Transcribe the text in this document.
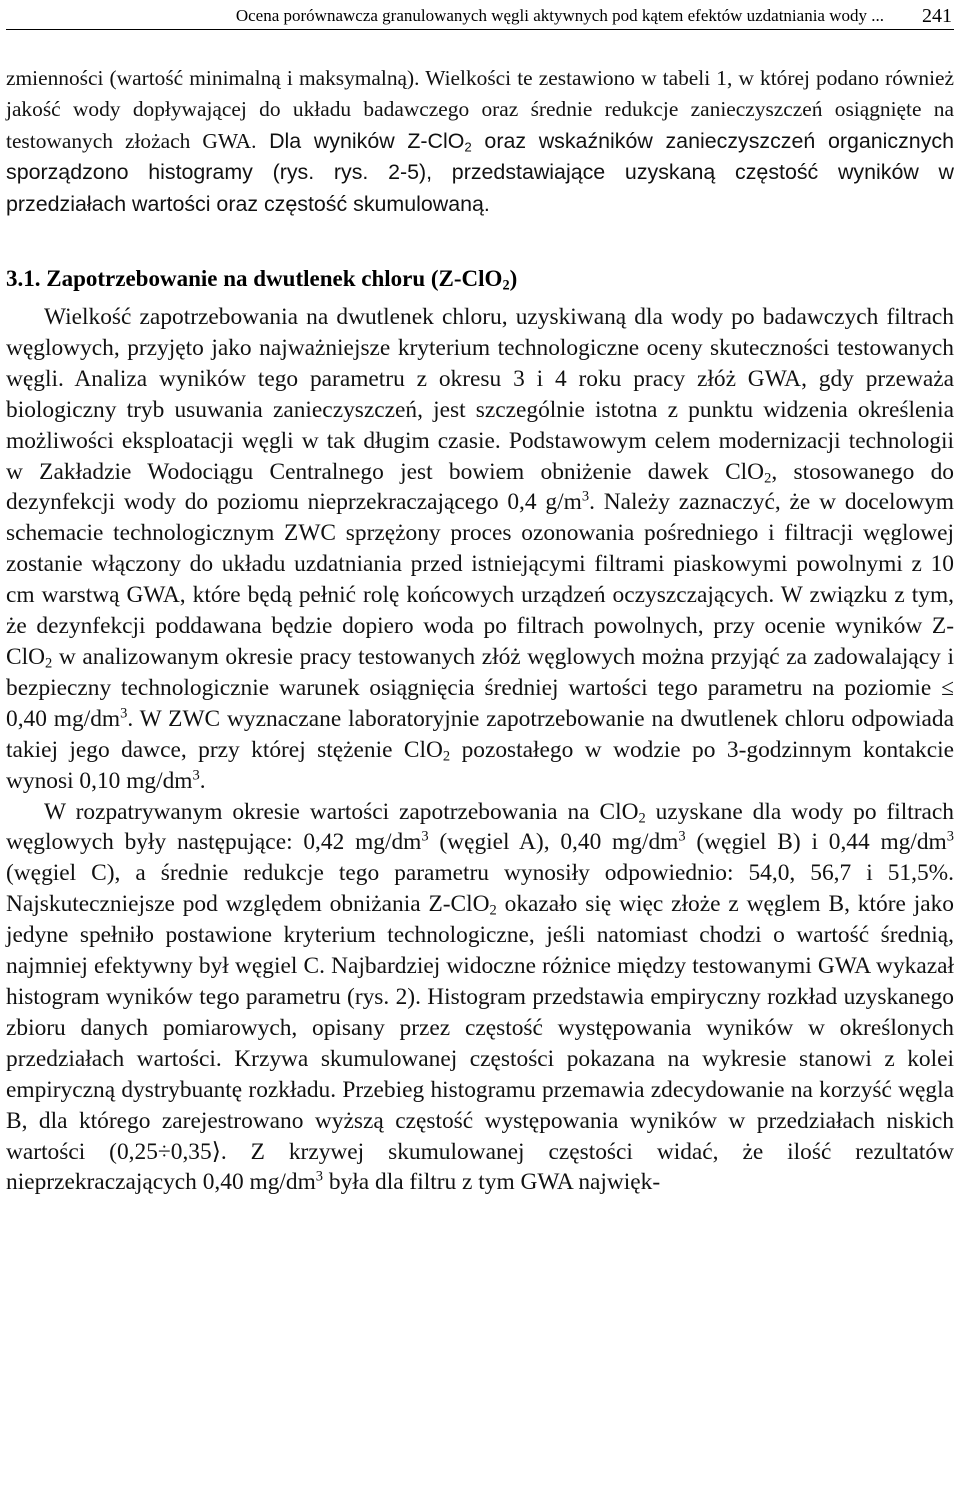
Ocena porównawcza granulowanych węgli aktywnych pod kątem efektów uzdatniania wody ...	241

zmienności (wartość minimalną i maksymalną). Wielkości te zestawiono w tabeli 1, w której podano również jakość wody dopływającej do układu badawczego oraz średnie redukcje zanieczyszczeń osiągnięte na testowanych złożach GWA. Dla wyników Z-ClO$_2$ oraz wskaźników zanieczyszczeń organicznych sporządzono histogramy (rys. rys. 2-5), przedstawiające uzyskaną częstość wyników w przedziałach wartości oraz częstość skumulowaną.

3.1. Zapotrzebowanie na dwutlenek chloru (Z-ClO$_2$)

Wielkość zapotrzebowania na dwutlenek chloru, uzyskiwaną dla wody po badawczych filtrach węglowych, przyjęto jako najważniejsze kryterium technologiczne oceny skuteczności testowanych węgli. Analiza wyników tego parametru z okresu 3 i 4 roku pracy złóż GWA, gdy przeważa biologiczny tryb usuwania zanieczyszczeń, jest szczególnie istotna z punktu widzenia określenia możliwości eksploatacji węgli w tak długim czasie. Podstawowym celem modernizacji technologii w Zakładzie Wodociągu Centralnego jest bowiem obniżenie dawek ClO$_2$, stosowanego do dezynfekcji wody do poziomu nieprzekraczającego 0,4 $g/m^3$. Należy zaznaczyć, że w docelowym schemacie technologicznym ZWC sprzężony proces ozonowania pośredniego i filtracji węglowej zostanie włączony do układu uzdatniania przed istniejącymi filtrami piaskowymi powolnymi z 10 cm warstwą GWA, które będą pełnić rolę końcowych urządzeń oczyszczających. W związku z tym, że dezynfekcji poddawana będzie dopiero woda po filtrach powolnych, przy ocenie wyników Z-ClO$_2$ w analizowanym okresie pracy testowanych złóż węglowych można przyjąć za zadowalający i bezpieczny technologicznie warunek osiągnięcia średniej wartości tego parametru na poziomie ≤ 0,40 $mg/dm^3$. W ZWC wyznaczane laboratoryjnie zapotrzebowanie na dwutlenek chloru odpowiada takiej jego dawce, przy której stężenie ClO$_2$ pozostałego w wodzie po 3-godzinnym kontakcie wynosi 0,10 $mg/dm^3$.

W rozpatrywanym okresie wartości zapotrzebowania na ClO$_2$ uzyskane dla wody po filtrach węglowych były następujące: 0,42 $mg/dm^3$ (węgiel A), 0,40 $mg/dm^3$ (węgiel B) i 0,44 $mg/dm^3$ (węgiel C), a średnie redukcje tego parametru wynosiły odpowiednio: 54,0, 56,7 i 51,5%. Najskuteczniejsze pod względem obniżania Z-ClO$_2$ okazało się więc złoże z węglem B, które jako jedyne spełniło postawione kryterium technologiczne, jeśli natomiast chodzi o wartość średnią, najmniej efektywny był węgiel C. Najbardziej widoczne różnice między testowanymi GWA wykazał histogram wyników tego parametru (rys. 2). Histogram przedstawia empiryczny rozkład uzyskanego zbioru danych pomiarowych, opisany przez częstość występowania wyników w określonych przedziałach wartości. Krzywa skumulowanej częstości pokazana na wykresie stanowi z kolei empiryczną dystrybuantę rozkładu. Przebieg histogramu przemawia zdecydowanie na korzyść węgla B, dla którego zarejestrowano wyższą częstość występowania wyników w przedziałach niskich wartości (0,25÷0,35⟩. Z krzywej skumulowanej częstości widać, że ilość rezultatów nieprzekraczających 0,40 $mg/dm^3$ była dla filtru z tym GWA najwięk-
